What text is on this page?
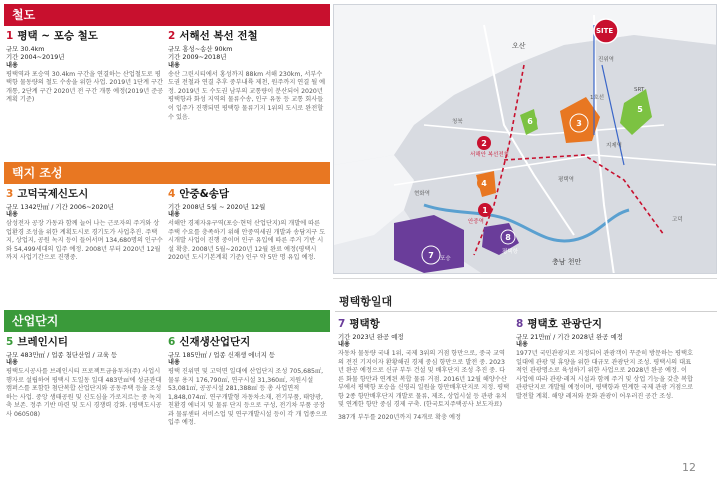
철도
1 평택 ~ 포승 철도
규모 30.4km
기간 2004~2019년
내용
평택역과 포승역 30.4km 구간을 연결하는 산업철도로 평택항 물동량의 철도 수송을 위한 사업. 2019년 1단계 구간 개통, 2단계 구간 2020년 전 구간 개통 예정(2019년 준공 계획 기준)
2 서해선 복선 전철
규모 홍성~송산 90km
기간 2009~2018년
내용
송산 그린시티에서 홍성까지 88km 서해 230km, 서부수도권 전철과 연결 추후 중부내륙 제천, 원주까지 연결 될 예정. 2019년 도 수도권 남부의 교통량이 분산되어 2020년 평택항과 화성 지역의 물류수송, 인구 유동 등 교통 회사들이 입주가 진행되면 평택항 물류기지 1위의 도시로 완전할 수 있음.
택지 조성
3 고덕국제신도시
규모 1342만㎡ / 기간 2006~2020년
내용
삼성전자 공장 가동과 함께 늘어 나는 근로자의 주거와 상업환경 조성을 위한 계획도시로 경기도가 사업추진. 주택지, 상업지, 공원 녹지 등이 들어서며 134,680명의 인구수와 54,499세대의 입주 예정. 2008년 부터 2020년 12월까지 사업기간으로 진행중.
4 안중&송담
기간 2008년 5월 ~ 2020년 12월
내용
서해안 경제자유구역(포승·현덕 산업단지)의 개발에 따른 주택 수요를 충족하기 위해 안중역세권 개발과 송담지구 도시개발 사업이 진행 중이며 인구 유입에 따른 주거 기반 시설 확충. 2008년 5월~2020년 12월 완료 예정(평택시 2020년 도시기본계획 기준) 인구 약 5만 명 유입 예정.
산업단지
5 브레인시티
규모 483만㎡ / 업종 첨단산업 / 교육 등
내용
평택도시공사를 브레인시티 프로젝트금융투자(주) 사업시행자로 설립하여 평택시 도일동 일대 483만㎡에 성균관대 캠퍼스를 포함한 첨단복합 산업단지와 공동주택 등을 조성하는 사업. 중앙 생태공원 및 신도심을 가로지르는 중 녹지축 보존. 정주 기반 마련 및 도시 경쟁력 강화. (평택도시공사 060508)
6 신재생산업단지
규모 185만㎡ / 업종 신재생 에너지 등
내용
평택 진위면 및 고덕면 일대에 산업단지 조성 705,685㎡, 물류 용지 176,790㎡, 연구시설 31,360㎡, 지원시설 53,081㎡, 공공시설 281,388㎡ 등 총 사업면적 1,848,074㎡. 연구개발형 자동차소재, 전기부품, 태양광, 친환경 에너지 및 물류 단지 등으로 구성, 전기차 부품 공장과 물류센터 서비스업 및 연구개발시설 등이 각 개 업종으로 입주 예정.
1
2
3
4
5
6
7
8
SITE
오산
진위역
1호선
SRT
지제역
서해안 복선전철
안중역
현화역
포승
평택항
충남 천안
평택역
청북
고덕
평택항일대
7 평택항
기간 2023년 완공 예정
내용
자동차 물동량 국내 1위, 국제 3위의 거점 항만으로, 중국 교역의 전진 기지이자 환황해권 경제 중심 항만으로 발전 중. 2023년 완공 예정으로 신규 부두 건설 및 배후단지 조성 추진 중. 다른 화물 항만과 연계된 복합 물류 거점. 2016년 12월 해양수산부에서 평택항 포승읍 신영리 일원을 항만배후단지로 지정. 평택항 2종 항만배후단지 개발로 물류, 제조, 상업시설 등 관광 유치 및 연계한 항만 중심 경제 구축. (한국토지주택공사 보도자료)
387개 부두를 2020년까지 74개로 확충 예정
8 평택호 관광단지
규모 21만㎡ / 기간 2028년 완공 예정
내용
1977년 국민관광지로 지정되어 관광객이 꾸준히 방문하는 평택호 일대에 관광 및 휴양을 위한 대규모 관광단지 조성. 평택시의 대표적인 관광명소로 육성하기 위한 사업으로 2028년 완공 예정. 이 사업에 따라 관광·레저 시설과 함께 주거 및 상업 기능을 갖춘 복합 관광단지로 개발될 예정이며, 평택항과 연계한 국제 관광 거점으로 발전할 계획. 해양 레저와 문화 관광이 어우러진 공간 조성.
12
